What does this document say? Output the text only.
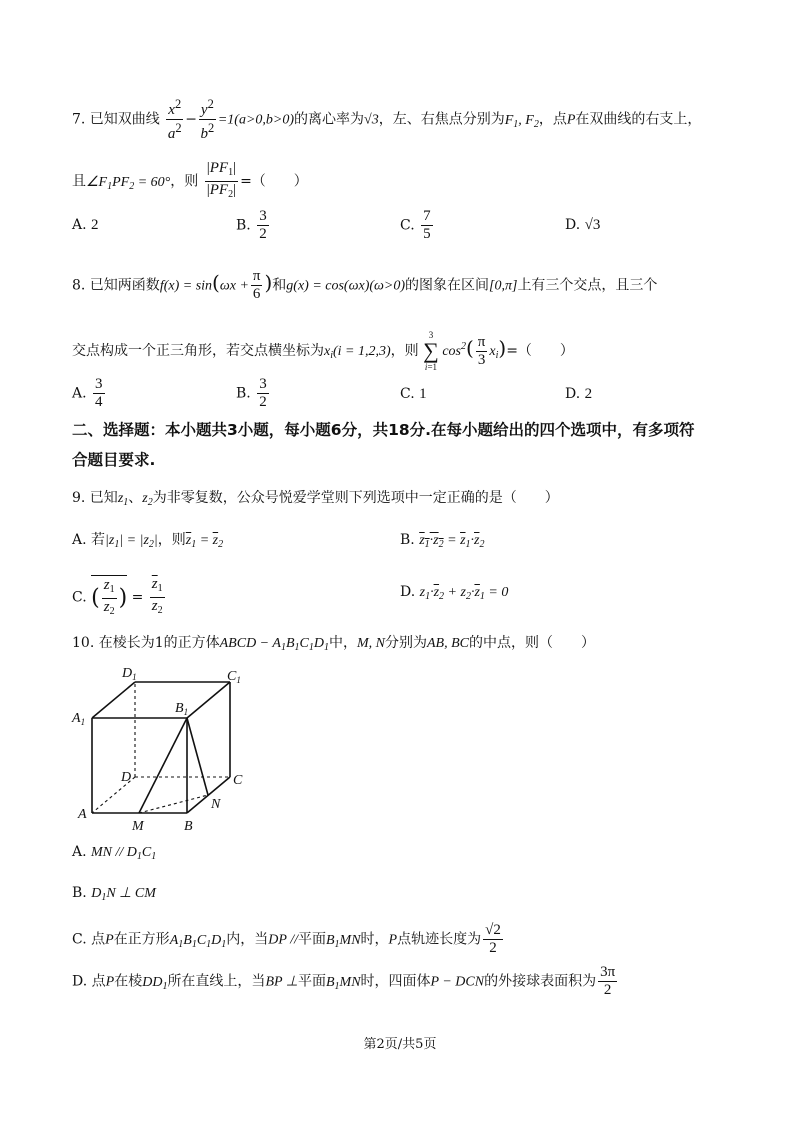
7. 已知双曲线 $\frac{x^2}{a^2} - \frac{y^2}{b^2} =1(a>0,b>0)$的离心率为√3，左、右焦点分别为$F_1$, $F_2$，点P在双曲线的右支上，
且$\angle F_1PF_2 = 60^\circ$，则 $\frac{|PF_1|}{|PF_2|}$ =（　　）
A. 2	B. $\frac{3}{2}$	C. $\frac{7}{5}$	D. √3
8. 已知两函数$f(x) = \sin(\omega x + \frac{\pi}{6}$ )和g(x) = cos(ωx)(ω>0)的图象在区间[0,π]上有三个交点，且三个
交点构成一个正三角形，若交点横坐标为$x_i(i = 1,2,3)$，则 3
∑
i=1 $\cos^2( \frac{\pi}{3} x_i)=$（　　）
A. $\frac{3}{4}$	B. $\frac{3}{2}$	C. 1	D. 2
二、选择题：本小题共3小题，每小题6分，共18分.在每小题给出的四个选项中，有多项符
合题目要求.
9. 已知$z_1$、$z_2$为非零复数，公众号悦爱学堂则下列选项中一定正确的是（　　）
A. 若$|z_1| = |z_2|$，则$\overline{z}_1 = \overline{z}_2$	B. $z_1\cdot z_2 = \overline{z}_1\cdot\overline{z}_2$
C. ( $\frac{z_1}{z_2}$ ) = $\frac{\overline{z}_1}{\overline{z}_2}$	D. $z_1\cdot\overline{z}_2 + z_2\cdot\overline{z}_1 = 0$
10. 在棱长为1的正方体ABCD − $A_1B_1C_1D_1$中，M, N分别为AB, BC的中点，则（　　）
$D_1$	$C_1$
$A_1$
$B_1$
D	C
A
M	B
N
A. MN // $D_1C_1$
B. $D_1N$ ⊥ CM
C. 点P在正方形$A_1B_1C_1D_1$内，当DP //平面$B_1MN$时，P点轨迹长度为 $\frac{√2}{2}$
D. 点P在棱$DD_1$所在直线上，当BP ⊥平面$B_1MN$时，四面体P − DCN的外接球表面积为 $\frac{3\pi}{2}$
第2页/共5页
